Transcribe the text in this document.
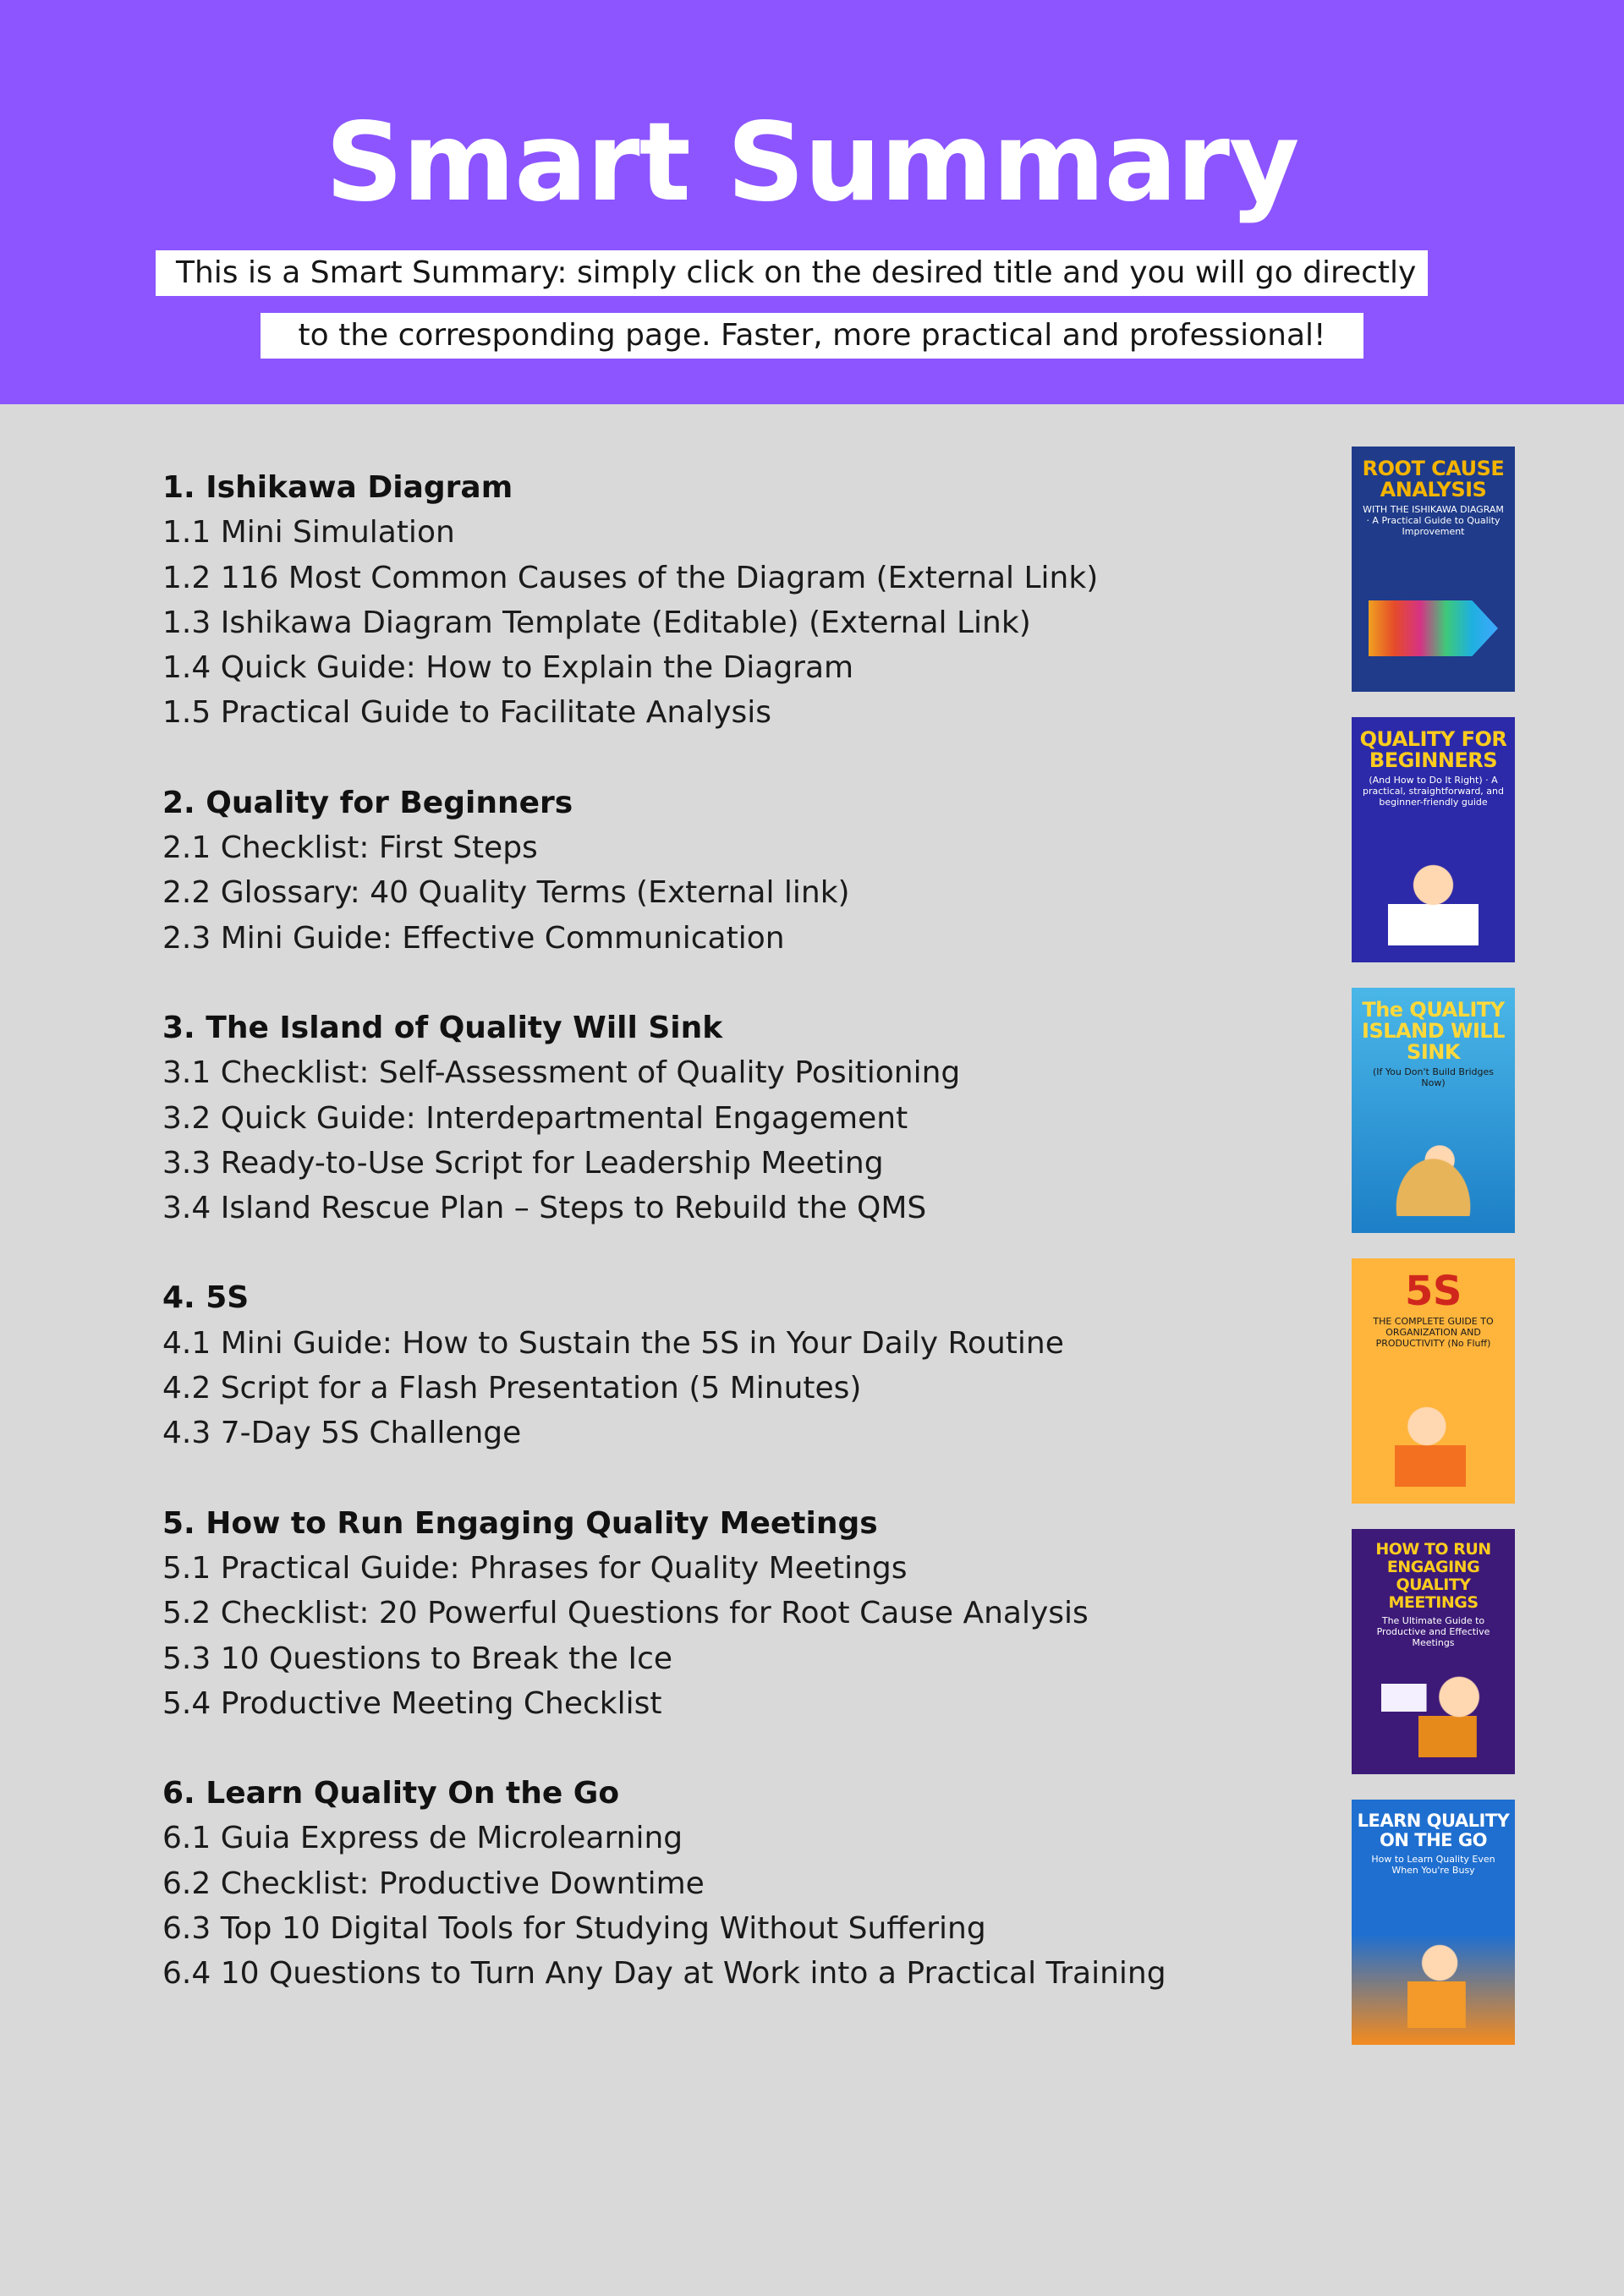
Smart Summary
This is a Smart Summary: simply click on the desired title and you will go directly
to the corresponding page. Faster, more practical and professional!
1. Ishikawa Diagram
1.1 Mini Simulation
1.2 116 Most Common Causes of the Diagram (External Link)
1.3 Ishikawa Diagram Template (Editable) (External Link)
1.4 Quick Guide: How to Explain the Diagram
1.5 Practical Guide to Facilitate Analysis
2. Quality for Beginners
2.1 Checklist: First Steps
2.2 Glossary: 40 Quality Terms (External link)
2.3 Mini Guide: Effective Communication
3. The Island of Quality Will Sink
3.1 Checklist: Self-Assessment of Quality Positioning
3.2 Quick Guide: Interdepartmental Engagement
3.3 Ready-to-Use Script for Leadership Meeting
3.4 Island Rescue Plan – Steps to Rebuild the QMS
4. 5S
4.1 Mini Guide: How to Sustain the 5S in Your Daily Routine
4.2 Script for a Flash Presentation (5 Minutes)
4.3 7-Day 5S Challenge
5. How to Run Engaging Quality Meetings
5.1 Practical Guide: Phrases for Quality Meetings
5.2 Checklist: 20 Powerful Questions for Root Cause Analysis
5.3 10 Questions to Break the Ice
5.4 Productive Meeting Checklist
6. Learn Quality On the Go
6.1 Guia Express de Microlearning
6.2 Checklist: Productive Downtime
6.3 Top 10 Digital Tools for Studying Without Suffering
6.4 10 Questions to Turn Any Day at Work into a Practical Training
ROOT CAUSE ANALYSIS
WITH THE ISHIKAWA DIAGRAM · A Practical Guide to Quality Improvement
QUALITY FOR BEGINNERS
(And How to Do It Right) · A practical, straightforward, and beginner-friendly guide
The QUALITY ISLAND WILL SINK
(If You Don't Build Bridges Now)
5S
THE COMPLETE GUIDE TO ORGANIZATION AND PRODUCTIVITY (No Fluff)
HOW TO RUN ENGAGING QUALITY MEETINGS
The Ultimate Guide to Productive and Effective Meetings
LEARN QUALITY ON THE GO
How to Learn Quality Even When You're Busy
